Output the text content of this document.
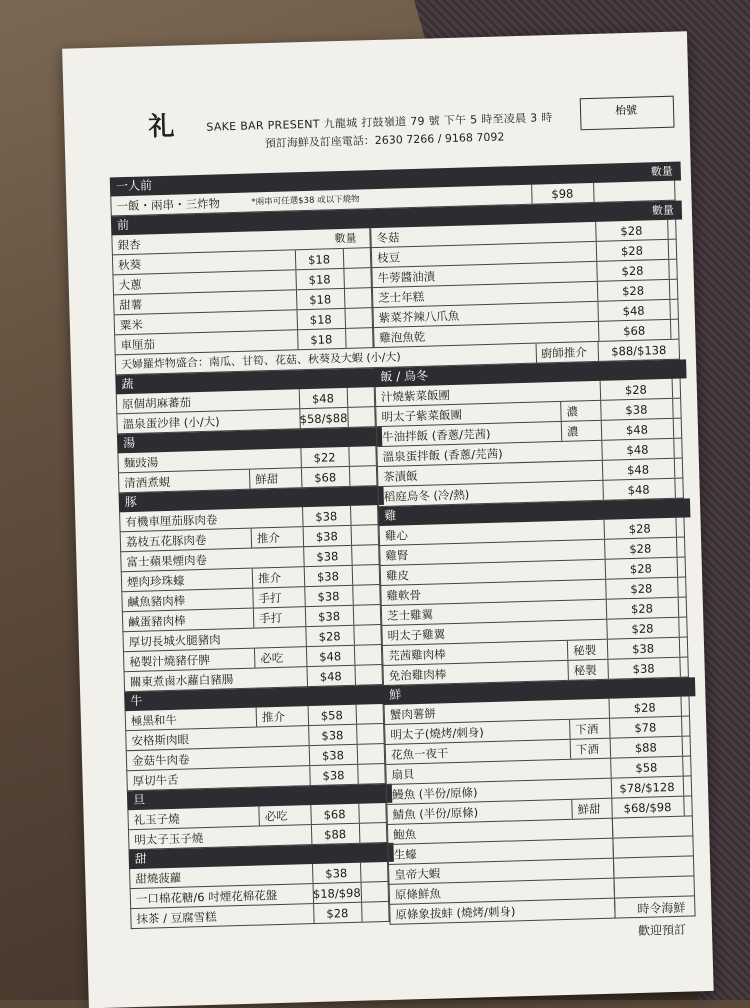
礼	SAKE BAR PRESENT 九龍城 打鼓嶺道 79 號 下午 5 時至凌晨 3 時
預訂海鮮及訂座電話：2630 7266 / 9168 7092
枱號
一人前
數量
一飯・兩串・三炸物	*兩串可任選$38 或以下燒物	$98
前
數量
銀杏	數量
秋葵	$18
大蔥	$18
甜薯	$18
粟米	$18
車厘茄	$18
天婦羅炸物盛合：南瓜、甘筍、花菇、秋葵及大蝦 (小/大)	廚師推介	$88/$138
蔬
原個胡麻蕃茄	$48
溫泉蛋沙律 (小/大)	$58/$88
湯
麵豉湯	$22
清酒煮蜆	鮮甜	$68
豚
有機車厘茄豚肉卷	$38
荔枝五花豚肉卷	推介	$38
富士蘋果煙肉卷	$38
煙肉珍珠蠔	推介	$38
鹹魚豬肉棒	手打	$38
鹹蛋豬肉棒	手打	$38
厚切長城火腿豬肉	$28
秘製汁燒豬仔脾	必吃	$48
關東煮鹵水蘿白豬腸	$48
牛
極黑和牛	推介	$58
安格斯肉眼	$38
金菇牛肉卷	$38
厚切牛舌	$38
旦
礼玉子燒	必吃	$68
明太子玉子燒	$88
甜
甜燒菠蘿	$38
一口棉花糖/6 吋煙花棉花盤	$18/$98
抹茶 / 豆腐雪糕	$28
冬菇	$28
枝豆	$28
牛蒡醬油漬	$28
芝士年糕	$28
紫菜芥辣八爪魚	$48
雞泡魚乾	$68
飯 / 烏冬
汁燒紫菜飯團	$28
明太子紫菜飯團	濃	$38
牛油拌飯 (香蔥/芫茜)	濃	$48
溫泉蛋拌飯 (香蔥/芫茜)	$48
茶漬飯	$48
稻庭烏冬 (冷/熱)	$48
雞
雞心	$28
雞腎	$28
雞皮	$28
雞軟骨	$28
芝士雞翼	$28
明太子雞翼	$28
芫茜雞肉棒	秘製	$38
免治雞肉棒	秘製	$38
鮮
蟹肉薯餅	$28
明太子(燒烤/刺身)	下酒	$78
花魚一夜干	下酒	$88
扇貝	$58
鰻魚 (半份/原條)	$78/$128
鯖魚 (半份/原條)	鮮甜	$68/$98
鮑魚
生蠔
皇帝大蝦
原條鮮魚
原條象拔蚌 (燒烤/刺身)	時令海鮮
歡迎預訂
